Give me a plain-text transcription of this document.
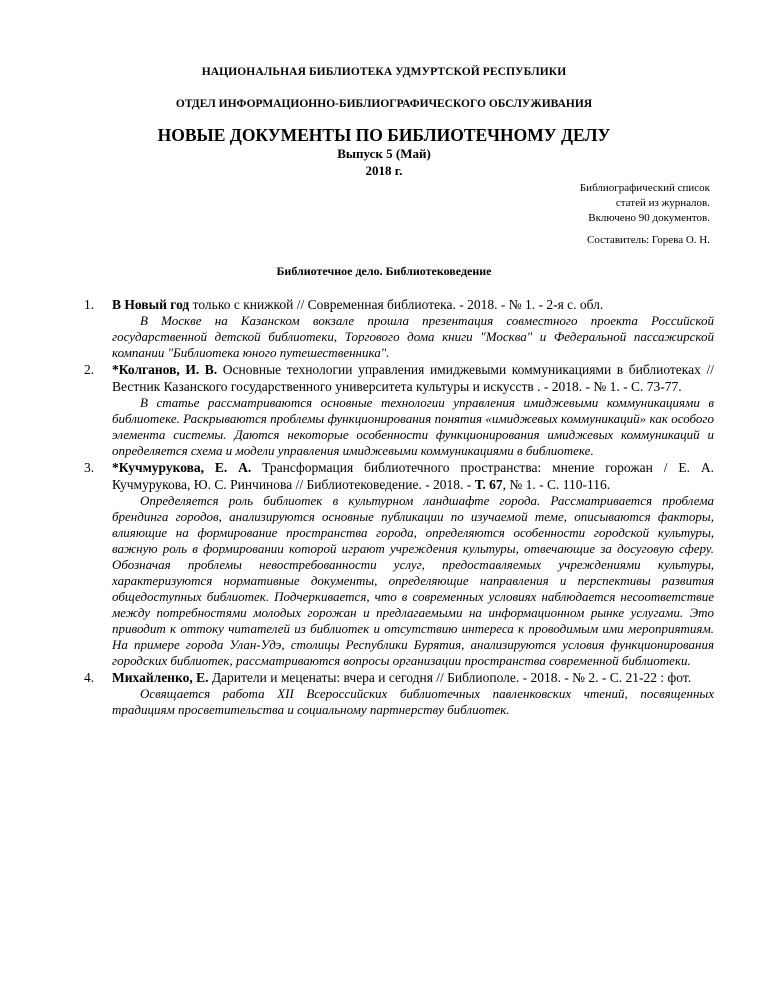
НАЦИОНАЛЬНАЯ БИБЛИОТЕКА УДМУРТСКОЙ РЕСПУБЛИКИ
ОТДЕЛ ИНФОРМАЦИОННО-БИБЛИОГРАФИЧЕСКОГО ОБСЛУЖИВАНИЯ
НОВЫЕ ДОКУМЕНТЫ ПО БИБЛИОТЕЧНОМУ ДЕЛУ
Выпуск 5 (Май)
2018 г.
Библиографический список
статей из журналов.
Включено 90 документов.
Составитель: Горева О. Н.
Библиотечное дело. Библиотековедение
1. В Новый год только с книжкой // Современная библиотека. - 2018. - № 1. - 2-я с. обл.
В Москве на Казанском вокзале прошла презентация совместного проекта Российской государственной детской библиотеки, Торгового дома книги "Москва" и Федеральной пассажирской компании "Библиотека юного путешественника".
2. *Колганов, И. В. Основные технологии управления имиджевыми коммуникациями в библиотеках // Вестник Казанского государственного университета культуры и искусств . - 2018. - № 1. - С. 73-77.
В статье рассматриваются основные технологии управления имиджевыми коммуникациями в библиотеке. Раскрываются проблемы функционирования понятия «имиджевых коммуникаций» как особого элемента системы. Даются некоторые особенности функционирования имиджевых коммуникаций и определяется схема и модели управления имиджевыми коммуникациями в библиотеке.
3. *Кучмурукова, Е. А. Трансформация библиотечного пространства: мнение горожан / Е. А. Кучмурукова, Ю. С. Ринчинова // Библиотековедение. - 2018. - Т. 67, № 1. - С. 110-116.
Определяется роль библиотек в культурном ландшафте города. Рассматривается проблема брендинга городов, анализируются основные публикации по изучаемой теме, описываются факторы, влияющие на формирование пространства города, определяются особенности городской культуры, важную роль в формировании которой играют учреждения культуры, отвечающие за досуговую сферу. Обозначая проблемы невостребованности услуг, предоставляемых учреждениями культуры, характеризуются нормативные документы, определяющие направления и перспективы развития общедоступных библиотек. Подчеркивается, что в современных условиях наблюдается несоответствие между потребностями молодых горожан и предлагаемыми на информационном рынке услугами. Это приводит к оттоку читателей из библиотек и отсутствию интереса к проводимым ими мероприятиям. На примере города Улан-Удэ, столицы Республики Бурятия, анализируются условия функционирования городских библиотек, рассматриваются вопросы организации пространства современной библиотеки.
4. Михайленко, Е. Дарители и меценаты: вчера и сегодня // Библиополе. - 2018. - № 2. - С. 21-22 : фот.
Освящается работа XII Всероссийских библиотечных павленковских чтений, посвященных традициям просветительства и социальному партнерству библиотек.
